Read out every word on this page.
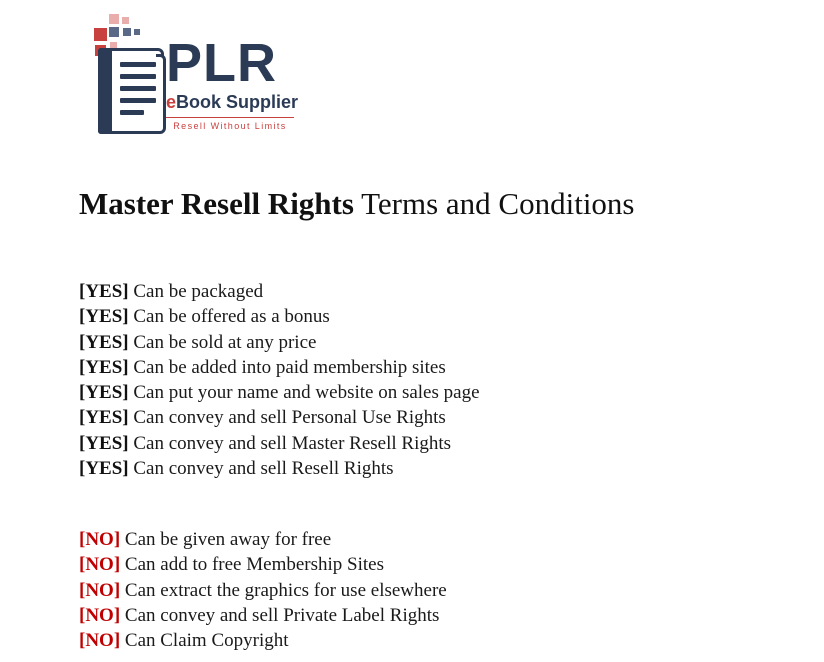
PLR
eBook Supplier
Resell Without Limits
Master Resell Rights Terms and Conditions
[YES] Can be packaged
[YES] Can be offered as a bonus
[YES] Can be sold at any price
[YES] Can be added into paid membership sites
[YES] Can put your name and website on sales page
[YES] Can convey and sell Personal Use Rights
[YES] Can convey and sell Master Resell Rights
[YES] Can convey and sell Resell Rights
[NO] Can be given away for free
[NO] Can add to free Membership Sites
[NO] Can extract the graphics for use elsewhere
[NO] Can convey and sell Private Label Rights
[NO] Can Claim Copyright
